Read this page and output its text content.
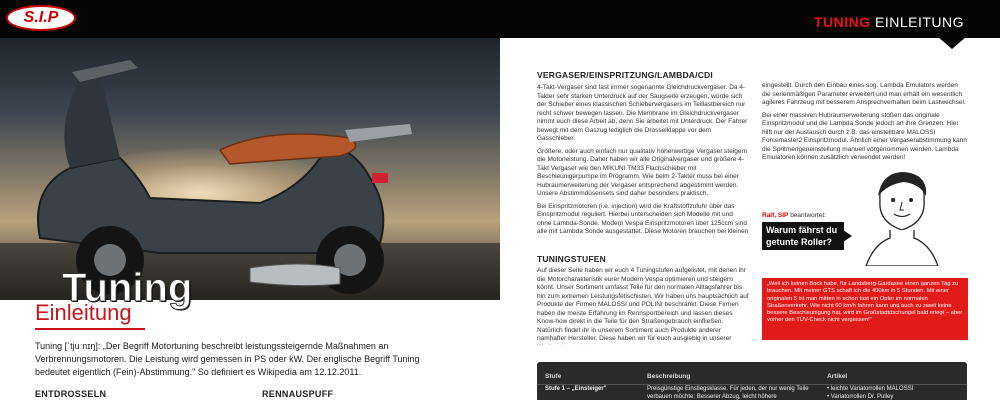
S.I.P	TUNING EINLEITUNG
Tuning
Einleitung
Tuning [ˈtjuːnɪŋ]: „Der Begriff Motortuning beschreibt leistungssteigernde Maßnahmen an Verbrennungsmotoren. Die Leistung wird gemessen in PS oder kW. Der englische Begriff Tuning bedeutet eigentlich (Fein)-Abstimmung." So definiert es Wikipedia am 12.12.2011.
ENTDROSSELN	RENNAUSPUFF
VERGASER/EINSPRITZUNG/LAMBDA/CDI

4-Takt-Vergaser sind fast immer sogenannte Gleichdruckvergaser. Da 4-Takter sehr starken Unterdruck auf der Saugseite erzeugen, würde sich der Schieber eines klassischen Schiebervergasers im Teillastbereich nur recht schwer bewegen lassen. Die Membrane im Gleichdruckvergaser nimmt euch diese Arbeit ab, denn Sie arbeitet mit Unterdruck. Der Fahrer bewegt mit dem Gaszug lediglich die Drosselklappe vor dem Gasschieber.

Größere, oder auch einfach nur qualitativ höherwertige Vergaser steigern die Motorleistung. Daher haben wir alle Originalvergaser und größere 4-Takt Vergaser wie den MIKUNI TM33 Flachschieber mit Beschleunigerpumpe im Programm. Wie beim 2-Takter muss bei einer Hubraumerweiterung der Vergaser entsprechend abgestimmt werden. Unsere Abstimmdüsensets sind daher besonders praktisch.

Bei Einspritzmotoren (i.e. injection) wird die Kraftstoffzufuhr über das Einspritzmodul reguliert. Hierbei unterscheiden sich Modelle mit und ohne Lambda-Sonde. Modern Vespa Einspritzmotoren über 125ccm sind alle mit Lambda Sonde ausgestattet. Diese Motoren brauchen bei kleinen

eingestellt. Durch den Einbau eines sog. Lambda Emulators werden die serienmäßigen Parameter erweitert und man erhält ein wesentlich agileres Fahrzeug mit besserem Ansprechverhalten beim Lastwechsel.

Bei einer massiven Hubraumerweiterung stoßen das originale Einspritzmodul und die Lambda Sonde jedoch an ihre Grenzen. Hier hilft nur der Austausch durch z.B. das einstellbare MALOSSI Forcemaster2 Einspritzmodul. Ähnlich einer Vergaserabstimmung kann die Spritmengeneinstellung manuell vorgenommen werden. Lambda Emulatoren können zusätzlich verwendet werden!

TUNINGSTUFEN
Auf dieser Seite haben wir euch 4 Tuningstufen aufgelistet, mit denen ihr die Motorcharakteristik eurer Modern Vespa optimieren und steigern könnt. Unser Sortiment umfasst Teile für den normalen Alltagsfahrer bis hin zum extremen Leistungsfetischisten. Wir haben uns hauptsächlich auf Produkte der Firmen MALOSSI und POLINI beschränkt. Diese Firmen haben die meiste Erfahrung im Rennsportbereich und lassen dieses Know-how direkt in die Teile für den Straßengebrauch einfließen. Natürlich findet ihr in unserem Sortiment auch Produkte anderer namhafter Hersteller. Diese haben wir für euch ausgiebig in unserer
Ralf, SIP beantwortet:
Warum fährst du getunte Roller?
„Weil ich keinen Bock habe, für Landsberg-Gardasee einen ganzen Tag zu brauchen. Mit meiner GTS schaff ich die 400km in 5 Stunden. Mit einer originalen 5 ist man mitten in schon fast ein Opfer im normalen Straßenverkehr. Wie nicht 60 km/h fahren kann und auch zu zweit keine bessere Beschleunigung hat, wird im Großstadtdschungel bald erlegt – aber vorher den TÜV-Check nicht vergessen!"
Stufe	Beschreibung	Artikel
Stufe 1 – „Einsteiger"	Preisgünstige Einstiegsklasse. Für jeden, der nur wenig Teile verbauen möchte: Besserer Abzug, leicht höhere
• leichte Variatorrollen MALOSSI
• Variatorrollen Dr. Pulley
